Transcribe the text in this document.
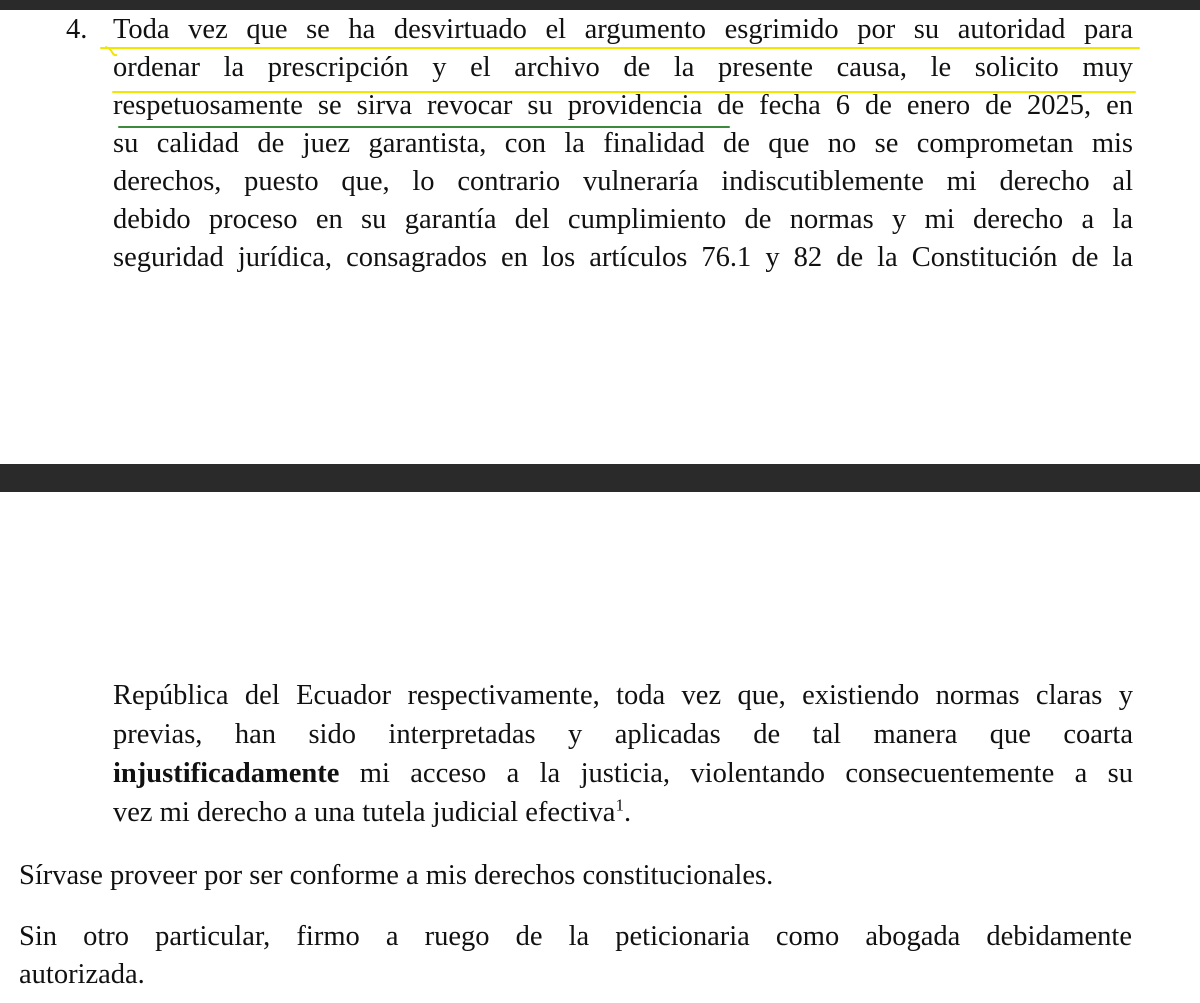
4. Toda vez que se ha desvirtuado el argumento esgrimido por su autoridad para

ordenar la prescripción y el archivo de la presente causa, le solicito muy

respetuosamente se sirva revocar su providencia de fecha 6 de enero de 2025, en

su calidad de juez garantista, con la finalidad de que no se comprometan mis

derechos, puesto que, lo contrario vulneraría indiscutiblemente mi derecho al

debido proceso en su garantía del cumplimiento de normas y mi derecho a la

seguridad jurídica, consagrados en los artículos 76.1 y 82 de la Constitución de la

República del Ecuador respectivamente, toda vez que, existiendo normas claras y

previas, han sido interpretadas y aplicadas de tal manera que coarta

injustificadamente mi acceso a la justicia, violentando consecuentemente a su

vez mi derecho a una tutela judicial efectiva$^1$.

Sírvase proveer por ser conforme a mis derechos constitucionales.

Sin otro particular, firmo a ruego de la peticionaria como abogada debidamente

autorizada.
